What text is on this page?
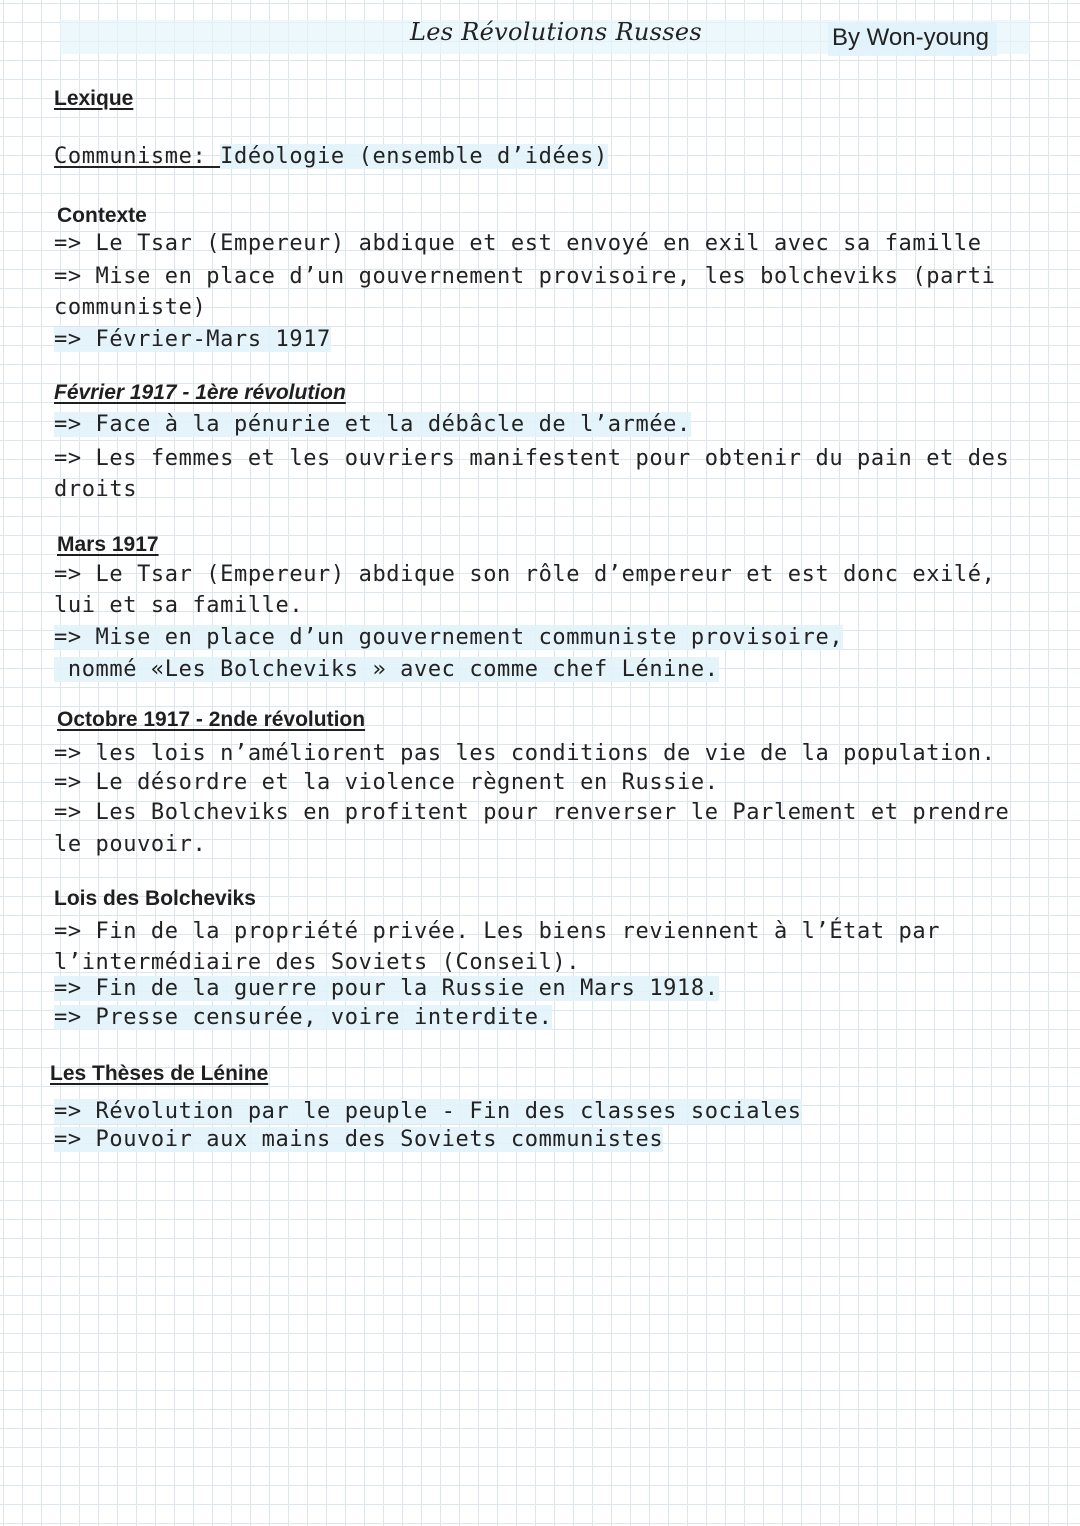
Les Révolutions Russes	By Won-young
Lexique
Communisme: Idéologie (ensemble d’idées)
Contexte
=> Le Tsar (Empereur) abdique et est envoyé en exil avec sa famille
=> Mise en place d’un gouvernement provisoire, les bolcheviks (parti
communiste)
=> Février-Mars 1917
Février 1917 - 1ère révolution
=> Face à la pénurie et la débâcle de l’armée.
=> Les femmes et les ouvriers manifestent pour obtenir du pain et des
droits
Mars 1917
=> Le Tsar (Empereur) abdique son rôle d’empereur et est donc exilé,
lui et sa famille.
=> Mise en place d’un gouvernement communiste provisoire,
nommé «Les Bolcheviks » avec comme chef Lénine.
Octobre 1917 - 2nde révolution
=> les lois n’améliorent pas les conditions de vie de la population.
=> Le désordre et la violence règnent en Russie.
=> Les Bolcheviks en profitent pour renverser le Parlement et prendre
le pouvoir.
Lois des Bolcheviks
=> Fin de la propriété privée. Les biens reviennent à l’État par
l’intermédiaire des Soviets (Conseil).
=> Fin de la guerre pour la Russie en Mars 1918.
=> Presse censurée, voire interdite.
Les Thèses de Lénine
=> Révolution par le peuple - Fin des classes sociales
=> Pouvoir aux mains des Soviets communistes
